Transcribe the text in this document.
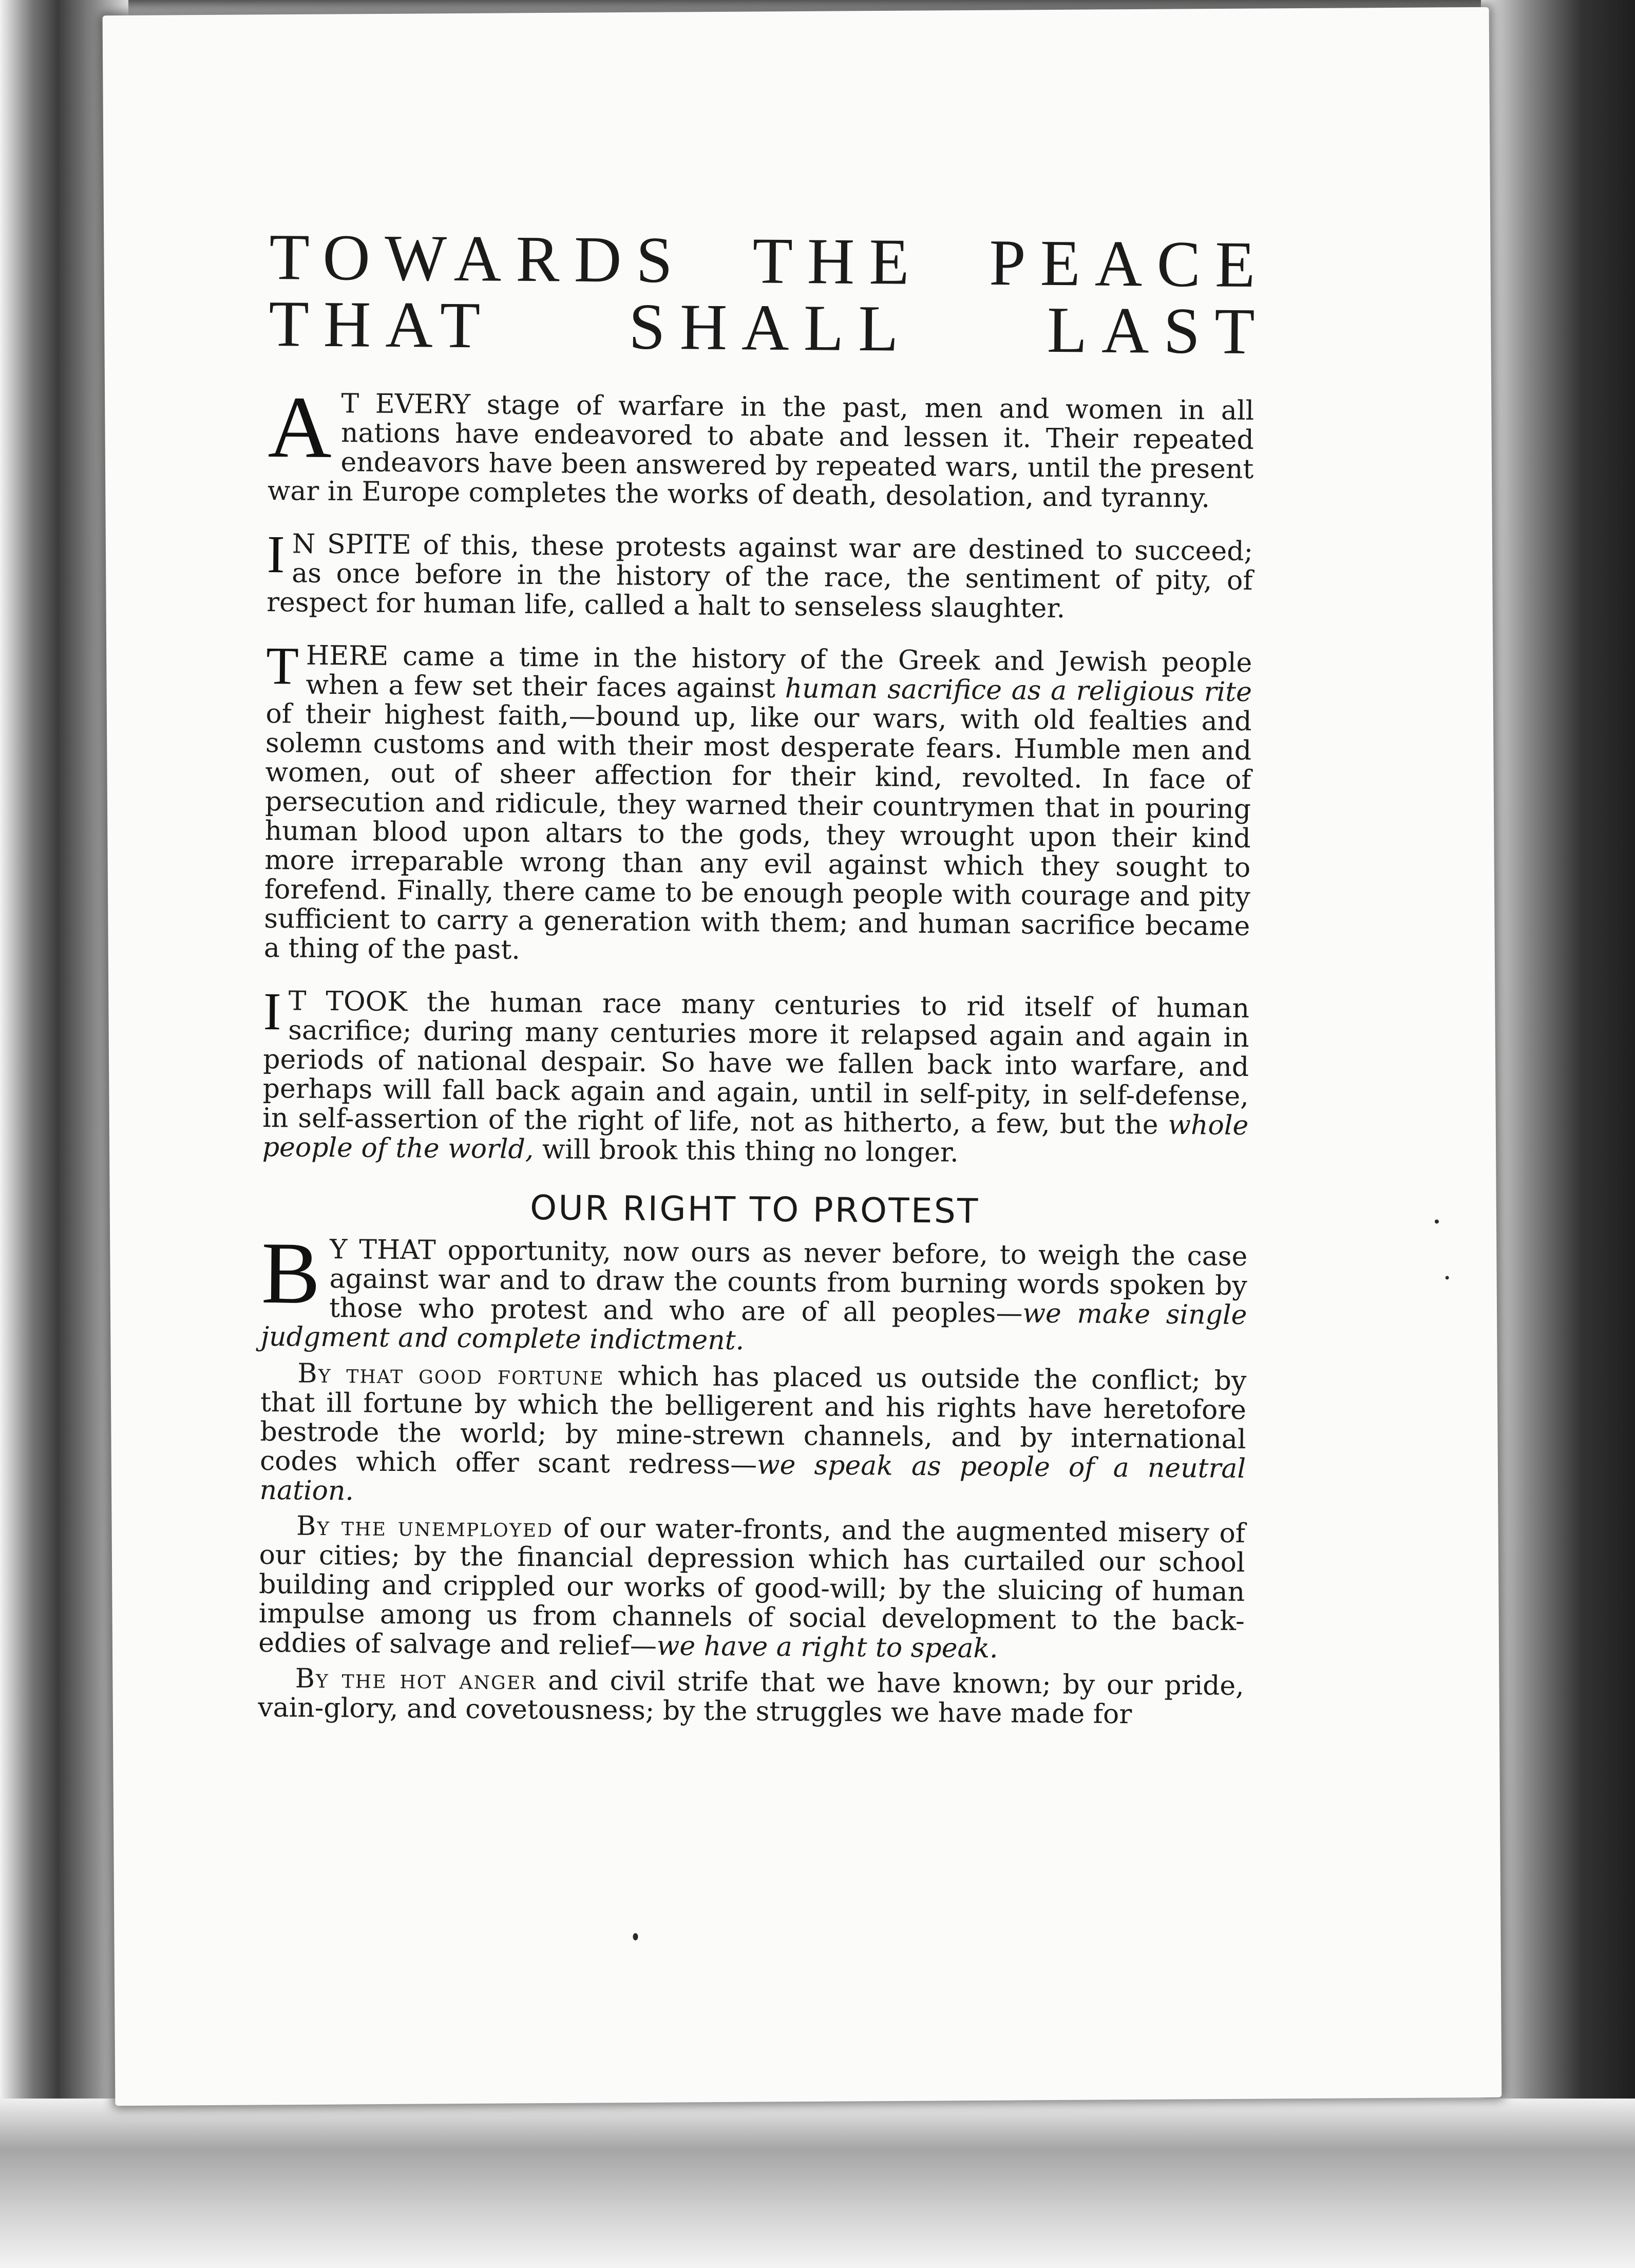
TOWARDS THE PEACE
THAT SHALL LAST

A T EVERY stage of warfare in the past, men and women in all nations have endeavored to abate and lessen it. Their repeated endeavors have been answered by repeated wars, until the present war in Europe completes the works of death, desolation, and tyranny.

I N SPITE of this, these protests against war are destined to succeed; as once before in the history of the race, the sentiment of pity, of respect for human life, called a halt to senseless slaughter.

THERE came a time in the history of the Greek and Jewish people when a few set their faces against human sacrifice as a religious rite of their highest faith,—bound up, like our wars, with old fealties and solemn customs and with their most desperate fears. Humble men and women, out of sheer affection for their kind, revolted. In face of persecution and ridicule, they warned their countrymen that in pouring human blood upon altars to the gods, they wrought upon their kind more irreparable wrong than any evil against which they sought to forefend. Finally, there came to be enough people with courage and pity sufficient to carry a generation with them; and human sacrifice became a thing of the past.

I T TOOK the human race many centuries to rid itself of human sacrifice; during many centuries more it relapsed again and again in periods of national despair. So have we fallen back into warfare, and perhaps will fall back again and again, until in self-pity, in self-defense, in self-assertion of the right of life, not as hitherto, a few, but the whole people of the world, will brook this thing no longer.

OUR RIGHT TO PROTEST

B Y THAT opportunity, now ours as never before, to weigh the case against war and to draw the counts from burning words spoken by those who protest and who are of all peoples—we make single judgment and complete indictment.

By that good fortune which has placed us outside the conflict; by that ill fortune by which the belligerent and his rights have heretofore bestrode the world; by mine-strewn channels, and by international codes which offer scant redress—we speak as people of a neutral nation.

By the unemployed of our water-fronts, and the augmented misery of our cities; by the financial depression which has curtailed our school building and crippled our works of good-will; by the sluicing of human impulse among us from channels of social development to the back-eddies of salvage and relief—we have a right to speak.

By the hot anger and civil strife that we have known; by our pride, vain-glory, and covetousness; by the struggles we have made for
